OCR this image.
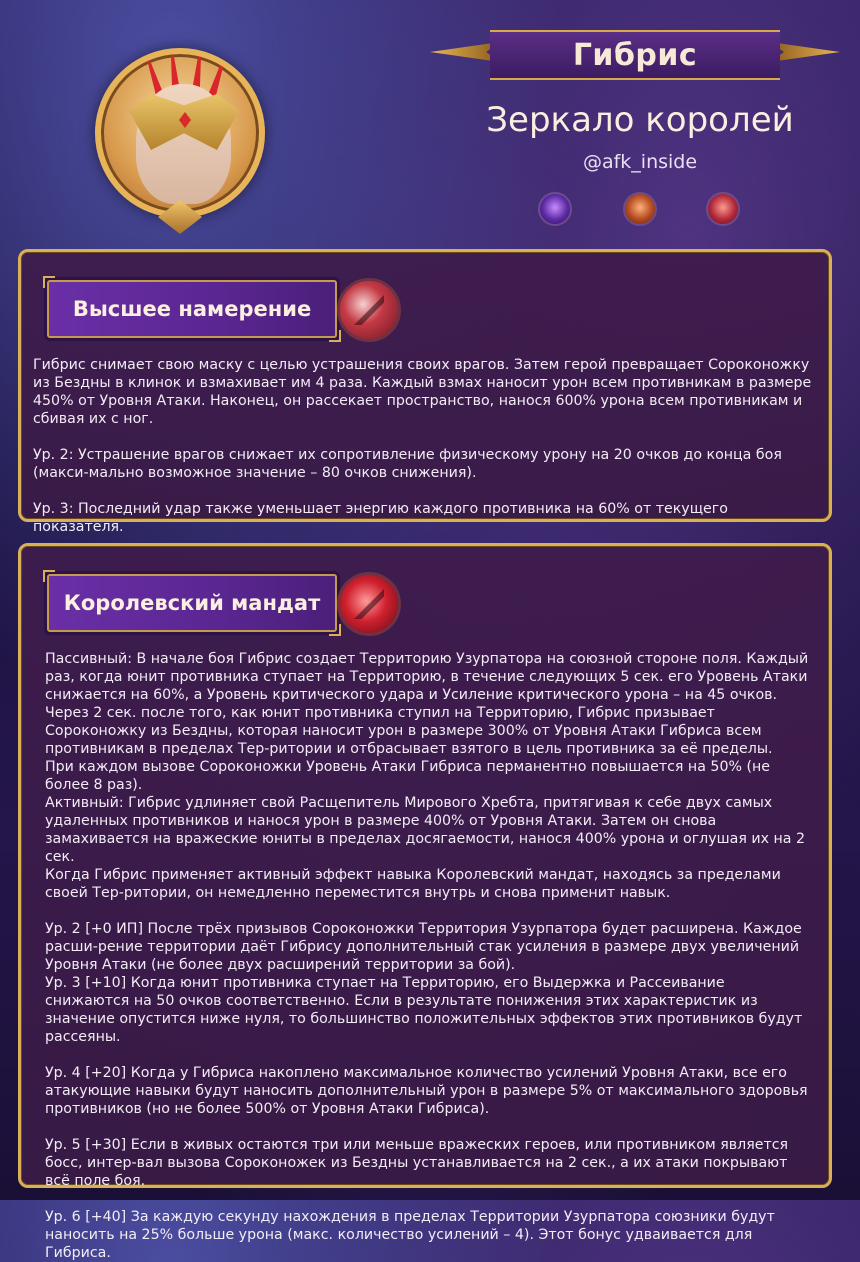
Гибрис
Зеркало королей
@afk_inside
Высшее намерение

Гибрис снимает свою маску с целью устрашения своих врагов. Затем герой превращает Сороконожку из Бездны в клинок и взмахивает им 4 раза. Каждый взмах наносит урон всем противникам в размере 450% от Уровня Атаки. Наконец, он рассекает пространство, нанося 600% урона всем противникам и сбивая их с ног.

Ур. 2: Устрашение врагов снижает их сопротивление физическому урону на 20 очков до конца боя (макси-мально возможное значение – 80 очков снижения).

Ур. 3: Последний удар также уменьшает энергию каждого противника на 60% от текущего показателя.

Королевский мандат

Пассивный: В начале боя Гибрис создает Территорию Узурпатора на союзной стороне поля. Каждый раз, когда юнит противника ступает на Территорию, в течение следующих 5 сек. его Уровень Атаки снижается на 60%, а Уровень критического удара и Усиление критического урона – на 45 очков.

Через 2 сек. после того, как юнит противника ступил на Территорию, Гибрис призывает Сороконожку из Бездны, которая наносит урон в размере 300% от Уровня Атаки Гибриса всем противникам в пределах Тер-ритории и отбрасывает взятого в цель противника за её пределы.

При каждом вызове Сороконожки Уровень Атаки Гибриса перманентно повышается на 50% (не более 8 раз).

Активный: Гибрис удлиняет свой Расщепитель Мирового Хребта, притягивая к себе двух самых удаленных противников и нанося урон в размере 400% от Уровня Атаки. Затем он снова замахивается на вражеские юниты в пределах досягаемости, нанося 400% урона и оглушая их на 2 сек.

Когда Гибрис применяет активный эффект навыка Королевский мандат, находясь за пределами своей Тер-ритории, он немедленно переместится внутрь и снова применит навык.

Ур. 2 [+0 ИП] После трёх призывов Сороконожки Территория Узурпатора будет расширена. Каждое расши-рение территории даёт Гибрису дополнительный стак усиления в размере двух увеличений Уровня Атаки (не более двух расширений территории за бой).

Ур. 3 [+10] Когда юнит противника ступает на Территорию, его Выдержка и Рассеивание снижаются на 50 очков соответственно. Если в результате понижения этих характеристик из значение опустится ниже нуля, то большинство положительных эффектов этих противников будут рассеяны.

Ур. 4 [+20] Когда у Гибриса накоплено максимальное количество усилений Уровня Атаки, все его атакующие навыки будут наносить дополнительный урон в размере 5% от максимального здоровья противников (но не более 500% от Уровня Атаки Гибриса).

Ур. 5 [+30] Если в живых остаются три или меньше вражеских героев, или противником является босс, интер-вал вызова Сороконожек из Бездны устанавливается на 2 сек., а их атаки покрывают всё поле боя.

Ур. 6 [+40] За каждую секунду нахождения в пределах Территории Узурпатора союзники будут наносить на 25% больше урона (макс. количество усилений – 4). Этот бонус удваивается для Гибриса.
